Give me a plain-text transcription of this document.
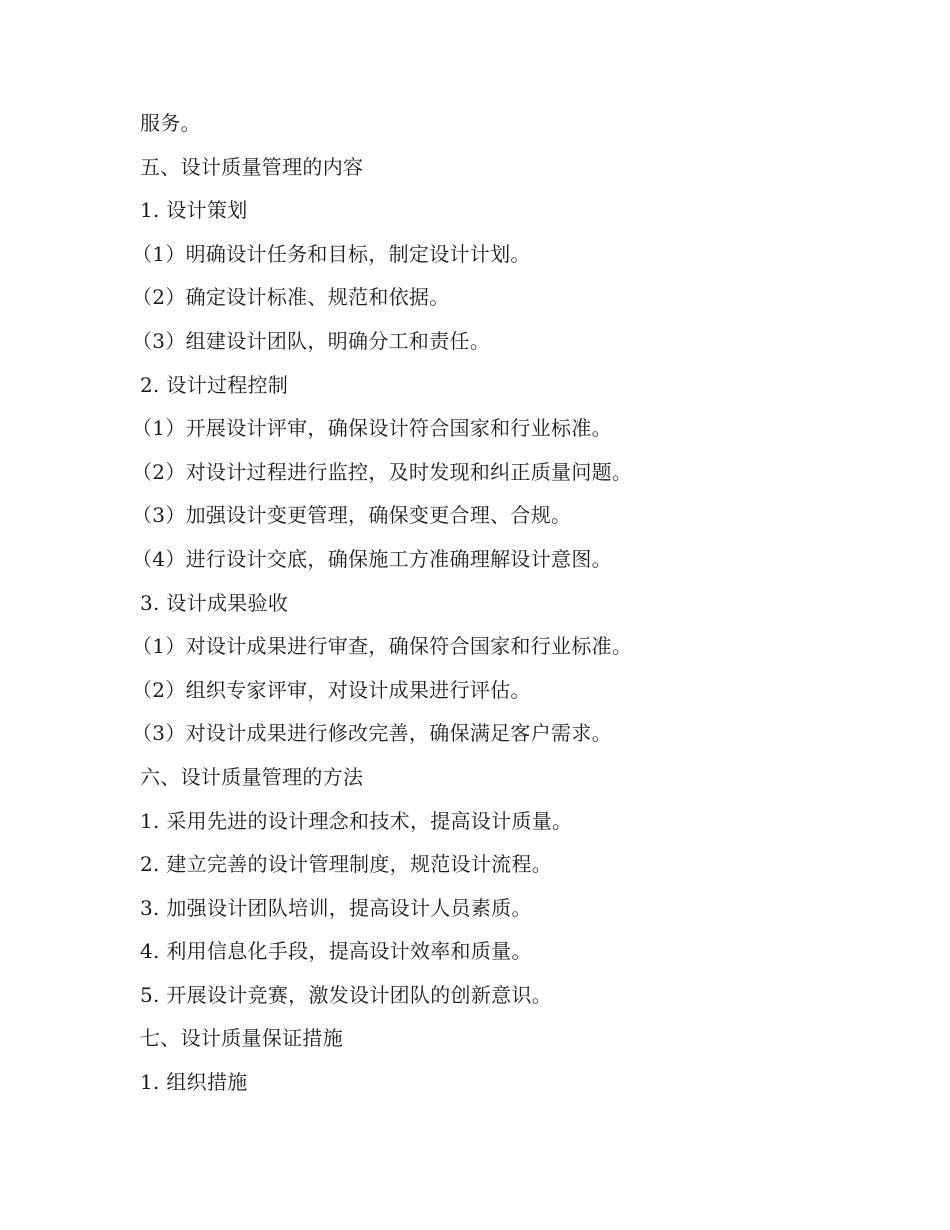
服务。
五、设计质量管理的内容
1. 设计策划
（1）明确设计任务和目标，制定设计计划。
（2）确定设计标准、规范和依据。
（3）组建设计团队，明确分工和责任。
2. 设计过程控制
（1）开展设计评审，确保设计符合国家和行业标准。
（2）对设计过程进行监控，及时发现和纠正质量问题。
（3）加强设计变更管理，确保变更合理、合规。
（4）进行设计交底，确保施工方准确理解设计意图。
3. 设计成果验收
（1）对设计成果进行审查，确保符合国家和行业标准。
（2）组织专家评审，对设计成果进行评估。
（3）对设计成果进行修改完善，确保满足客户需求。
六、设计质量管理的方法
1. 采用先进的设计理念和技术，提高设计质量。
2. 建立完善的设计管理制度，规范设计流程。
3. 加强设计团队培训，提高设计人员素质。
4. 利用信息化手段，提高设计效率和质量。
5. 开展设计竞赛，激发设计团队的创新意识。
七、设计质量保证措施
1. 组织措施
